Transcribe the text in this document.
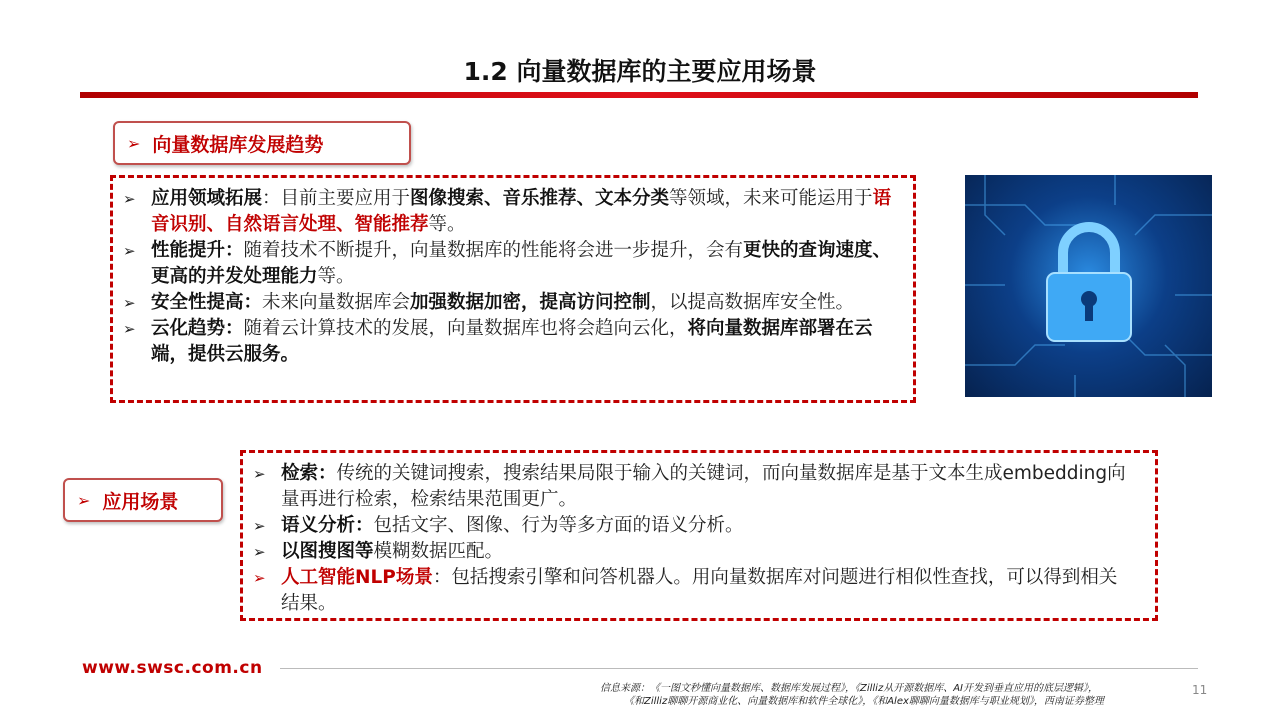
1.2 向量数据库的主要应用场景
➢ 向量数据库发展趋势
➢ 应用领域拓展：目前主要应用于图像搜索、音乐推荐、文本分类等领域，未来可能运用于语音识别、自然语言处理、智能推荐等。
➢ 性能提升：随着技术不断提升，向量数据库的性能将会进一步提升，会有更快的查询速度、更高的并发处理能力等。
➢ 安全性提高：未来向量数据库会加强数据加密，提高访问控制，以提高数据库安全性。
➢ 云化趋势：随着云计算技术的发展，向量数据库也将会趋向云化，将向量数据库部署在云端，提供云服务。
➢ 应用场景
➢ 检索：传统的关键词搜索，搜索结果局限于输入的关键词，而向量数据库是基于文本生成embedding向量再进行检索，检索结果范围更广。
➢ 语义分析：包括文字、图像、行为等多方面的语义分析。
➢ 以图搜图等模糊数据匹配。
➢ 人工智能NLP场景：包括搜索引擎和问答机器人。用向量数据库对问题进行相似性查找，可以得到相关结果。
www.swsc.com.cn
信息来源：《一图文秒懂向量数据库、数据库发展过程》，《Zilliz从开源数据库、AI开发到垂直应用的底层逻辑》，
《和Zilliz聊聊开源商业化、向量数据库和软件全球化》，《和Alex聊聊向量数据库与职业规划》，西南证券整理
11
